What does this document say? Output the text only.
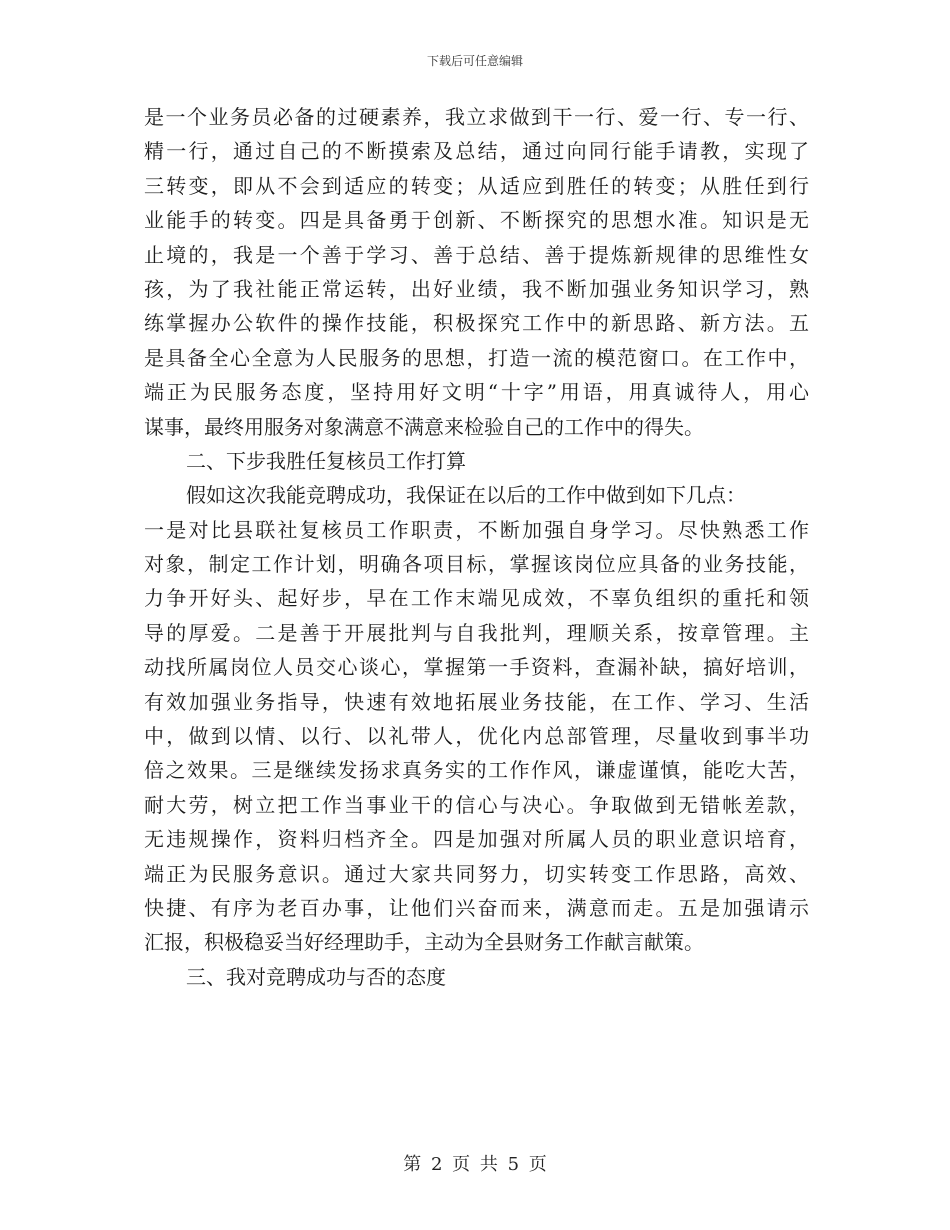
下载后可任意编辑
是一个业务员必备的过硬素养，我立求做到干一行、爱一行、专一行、
精一行，通过自己的不断摸索及总结，通过向同行能手请教，实现了
三转变，即从不会到适应的转变；从适应到胜任的转变；从胜任到行
业能手的转变。四是具备勇于创新、不断探究的思想水准。知识是无
止境的，我是一个善于学习、善于总结、善于提炼新规律的思维性女
孩，为了我社能正常运转，出好业绩，我不断加强业务知识学习，熟
练掌握办公软件的操作技能，积极探究工作中的新思路、新方法。五
是具备全心全意为人民服务的思想，打造一流的模范窗口。在工作中，
端正为民服务态度，坚持用好文明“十字”用语，用真诚待人，用心
谋事，最终用服务对象满意不满意来检验自己的工作中的得失。
二、下步我胜任复核员工作打算
假如这次我能竞聘成功，我保证在以后的工作中做到如下几点：
一是对比县联社复核员工作职责，不断加强自身学习。尽快熟悉工作
对象，制定工作计划，明确各项目标，掌握该岗位应具备的业务技能，
力争开好头、起好步，早在工作末端见成效，不辜负组织的重托和领
导的厚爱。二是善于开展批判与自我批判，理顺关系，按章管理。主
动找所属岗位人员交心谈心，掌握第一手资料，查漏补缺，搞好培训，
有效加强业务指导，快速有效地拓展业务技能，在工作、学习、生活
中，做到以情、以行、以礼带人，优化内总部管理，尽量收到事半功
倍之效果。三是继续发扬求真务实的工作作风，谦虚谨慎，能吃大苦，
耐大劳，树立把工作当事业干的信心与决心。争取做到无错帐差款，
无违规操作，资料归档齐全。四是加强对所属人员的职业意识培育，
端正为民服务意识。通过大家共同努力，切实转变工作思路，高效、
快捷、有序为老百办事，让他们兴奋而来，满意而走。五是加强请示
汇报，积极稳妥当好经理助手，主动为全县财务工作献言献策。
三、我对竞聘成功与否的态度
第 2 页 共 5 页
